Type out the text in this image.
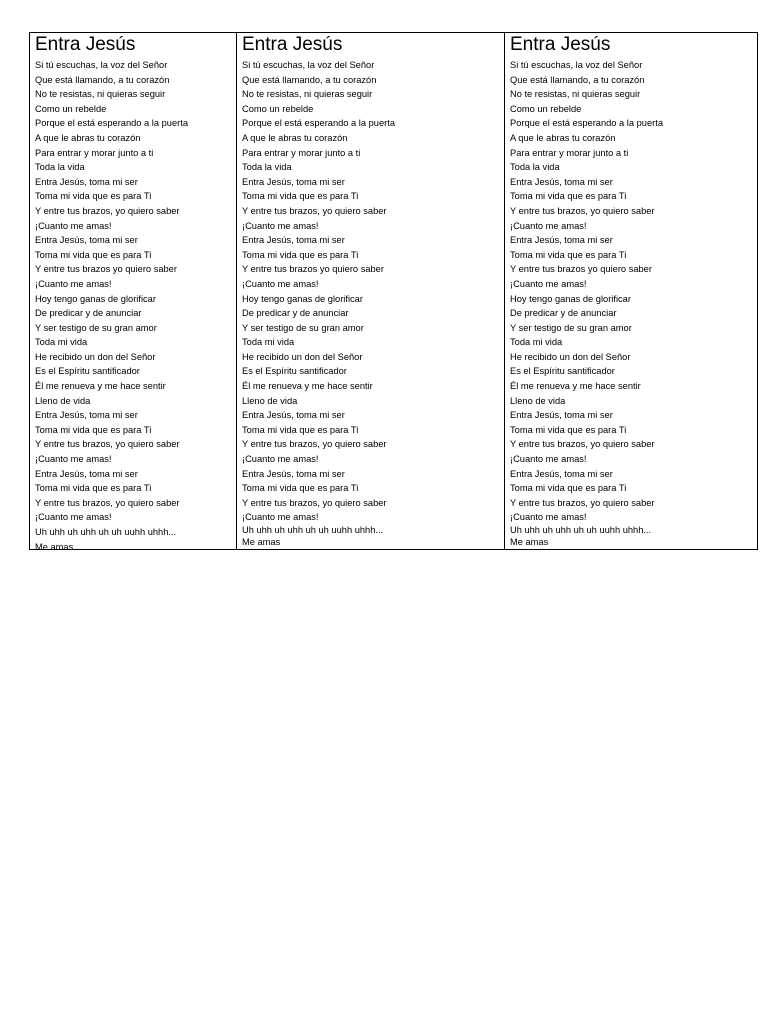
Entra Jesús
Si tú escuchas, la voz del Señor
Que está llamando, a tu corazón
No te resistas, ni quieras seguir
Como un rebelde
Porque el está esperando a la puerta
A que le abras tu corazón
Para entrar y morar junto a ti
Toda la vida
Entra Jesús, toma mi ser
Toma mi vida que es para Ti
Y entre tus brazos, yo quiero saber
¡Cuanto me amas!
Entra Jesús, toma mi ser
Toma mi vida que es para Ti
Y entre tus brazos yo quiero saber
¡Cuanto me amas!
Hoy tengo ganas de glorificar
De predicar y de anunciar
Y ser testigo de su gran amor
Toda mi vida
He recibido un don del Señor
Es el Espíritu santificador
Él me renueva y me hace sentir
Lleno de vida
Entra Jesús, toma mi ser
Toma mi vida que es para Ti
Y entre tus brazos, yo quiero saber
¡Cuanto me amas!
Entra Jesús, toma mi ser
Toma mi vida que es para Ti
Y entre tus brazos, yo quiero saber
¡Cuanto me amas!
Uh uhh uh uhh uh uh uuhh uhhh...
Me amas
Entra Jesús
Si tú escuchas, la voz del Señor
Que está llamando, a tu corazón
No te resistas, ni quieras seguir
Como un rebelde
Porque el está esperando a la puerta
A que le abras tu corazón
Para entrar y morar junto a ti
Toda la vida
Entra Jesús, toma mi ser
Toma mi vida que es para Ti
Y entre tus brazos, yo quiero saber
¡Cuanto me amas!
Entra Jesús, toma mi ser
Toma mi vida que es para Ti
Y entre tus brazos yo quiero saber
¡Cuanto me amas!
Hoy tengo ganas de glorificar
De predicar y de anunciar
Y ser testigo de su gran amor
Toda mi vida
He recibido un don del Señor
Es el Espíritu santificador
Él me renueva y me hace sentir
Lleno de vida
Entra Jesús, toma mi ser
Toma mi vida que es para Ti
Y entre tus brazos, yo quiero saber
¡Cuanto me amas!
Entra Jesús, toma mi ser
Toma mi vida que es para Ti
Y entre tus brazos, yo quiero saber
¡Cuanto me amas!
Uh uhh uh uhh uh uh uuhh uhhh...
Me amas
Entra Jesús
Si tú escuchas, la voz del Señor
Que está llamando, a tu corazón
No te resistas, ni quieras seguir
Como un rebelde
Porque el está esperando a la puerta
A que le abras tu corazón
Para entrar y morar junto a ti
Toda la vida
Entra Jesús, toma mi ser
Toma mi vida que es para Ti
Y entre tus brazos, yo quiero saber
¡Cuanto me amas!
Entra Jesús, toma mi ser
Toma mi vida que es para Ti
Y entre tus brazos yo quiero saber
¡Cuanto me amas!
Hoy tengo ganas de glorificar
De predicar y de anunciar
Y ser testigo de su gran amor
Toda mi vida
He recibido un don del Señor
Es el Espíritu santificador
Él me renueva y me hace sentir
Lleno de vida
Entra Jesús, toma mi ser
Toma mi vida que es para Ti
Y entre tus brazos, yo quiero saber
¡Cuanto me amas!
Entra Jesús, toma mi ser
Toma mi vida que es para Ti
Y entre tus brazos, yo quiero saber
¡Cuanto me amas!
Uh uhh uh uhh uh uh uuhh uhhh...
Me amas
